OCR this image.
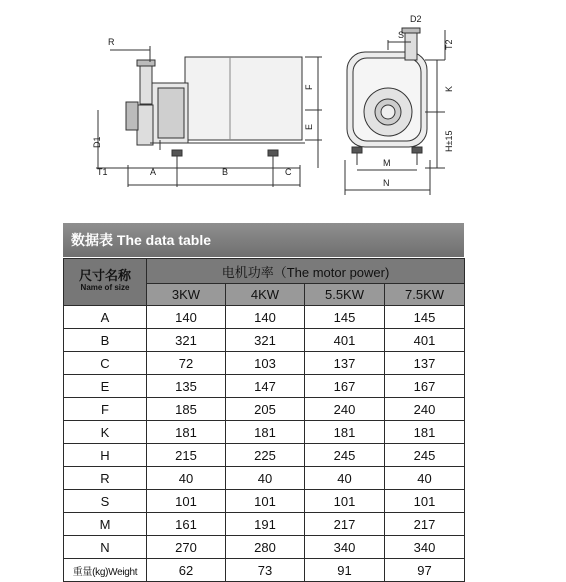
R
D1
T1	A	B	C
F
E
D2
S
T2
K
H±15
M
N
数据表 The data table
尺寸名称
Name of size	电机功率（The motor power)			
	3KW	4KW	5.5KW	7.5KW
A	140	140	145	145
B	321	321	401	401
C	72	103	137	137
E	135	147	167	167
F	185	205	240	240
K	181	181	181	181
H	215	225	245	245
R	40	40	40	40
S	101	101	101	101
M	161	191	217	217
N	270	280	340	340
重量(kg)Weight	62	73	91	97
